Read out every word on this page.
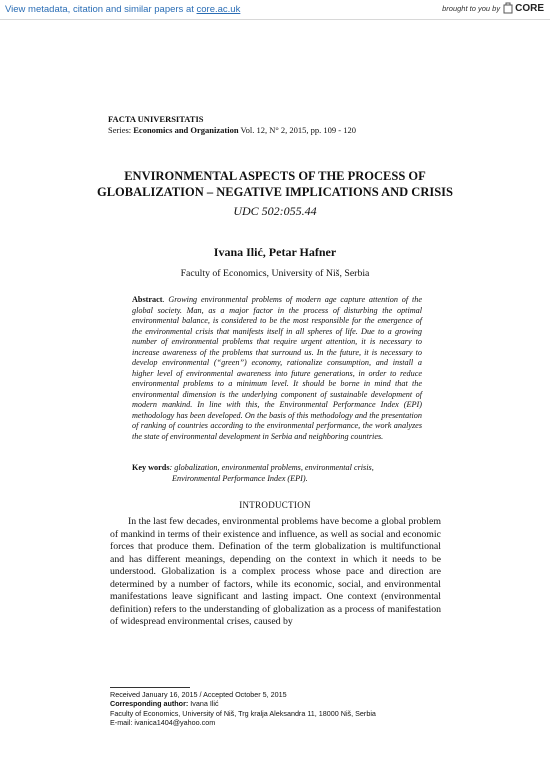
View metadata, citation and similar papers at core.ac.uk	brought to you by CORE
FACTA UNIVERSITATIS
Series: Economics and Organization Vol. 12, N° 2, 2015, pp. 109 - 120
ENVIRONMENTAL ASPECTS OF THE PROCESS OF
GLOBALIZATION – NEGATIVE IMPLICATIONS AND CRISIS
UDC 502:055.44
Ivana Ilić, Petar Hafner
Faculty of Economics, University of Niš, Serbia
Abstract. Growing environmental problems of modern age capture attention of the global society. Man, as a major factor in the process of disturbing the optimal environmental balance, is considered to be the most responsible for the emergence of the environmental crisis that manifests itself in all spheres of life. Due to a growing number of environmental problems that require urgent attention, it is necessary to increase awareness of the problems that surround us. In the future, it is necessary to develop environmental (“green”) economy, rationalize consumption, and install a higher level of environmental awareness into future generations, in order to reduce environmental problems to a minimum level. It should be borne in mind that the environmental dimension is the underlying component of sustainable development of modern mankind. In line with this, the Environmental Performance Index (EPI) methodology has been developed. On the basis of this methodology and the presentation of ranking of countries according to the environmental performance, the work analyzes the state of environmental development in Serbia and neighboring countries.
Key words: globalization, environmental problems, environmental crisis,
Environmental Performance Index (EPI).
INTRODUCTION
In the last few decades, environmental problems have become a global problem of mankind in terms of their existence and influence, as well as social and economic forces that produce them. Defination of the term globalization is multifunctional and has different meanings, depending on the context in which it needs to be understood. Globalization is a complex process whose pace and direction are determined by a number of factors, while its economic, social, and environmental manifestations leave significant and lasting impact. One context (environmental definition) refers to the understanding of globalization as a process of manifestation of widespread environmental crises, caused by
Received January 16, 2015 / Accepted October 5, 2015
Corresponding author: Ivana Ilić
Faculty of Economics, University of Niš, Trg kralja Aleksandra 11, 18000 Niš, Serbia
E-mail: ivanica1404@yahoo.com
